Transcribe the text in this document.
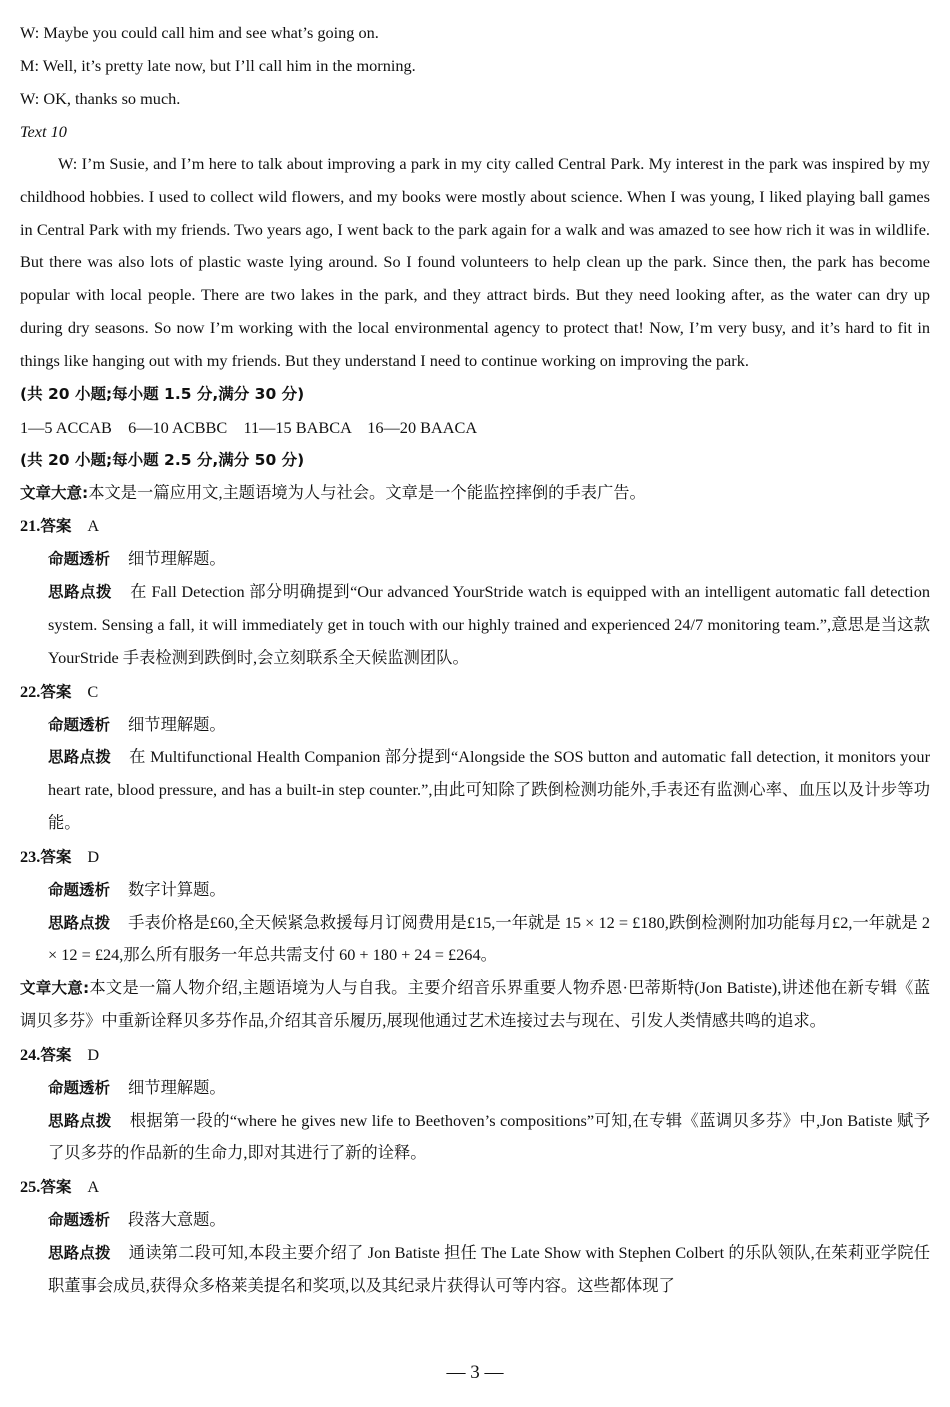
W: Maybe you could call him and see what’s going on.
M: Well, it’s pretty late now, but I’ll call him in the morning.
W: OK, thanks so much.
Text 10
W: I’m Susie, and I’m here to talk about improving a park in my city called Central Park. My interest in the park was inspired by my childhood hobbies. I used to collect wild flowers, and my books were mostly about science. When I was young, I liked playing ball games in Central Park with my friends. Two years ago, I went back to the park again for a walk and was amazed to see how rich it was in wildlife. But there was also lots of plastic waste lying around. So I found volunteers to help clean up the park. Since then, the park has become popular with local people. There are two lakes in the park, and they attract birds. But they need looking after, as the water can dry up during dry seasons. So now I’m working with the local environmental agency to protect that! Now, I’m very busy, and it’s hard to fit in things like hanging out with my friends. But they understand I need to continue working on improving the park.
(共 20 小题;每小题 1.5 分,满分 30 分)
1—5 ACCAB    6—10 ACBBC    11—15 BABCA    16—20 BAACA
(共 20 小题;每小题 2.5 分,满分 50 分)
文章大意:本文是一篇应用文,主题语境为人与社会。文章是一个能监控摔倒的手表广告。
21.答案 A
命题透析 细节理解题。
思路点拨 在 Fall Detection 部分明确提到“Our advanced YourStride watch is equipped with an intelligent automatic fall detection system. Sensing a fall, it will immediately get in touch with our highly trained and experienced 24/7 monitoring team.”,意思是当这款 YourStride 手表检测到跌倒时,会立刻联系全天候监测团队。
22.答案 C
命题透析 细节理解题。
思路点拨 在 Multifunctional Health Companion 部分提到“Alongside the SOS button and automatic fall detection, it monitors your heart rate, blood pressure, and has a built-in step counter.”,由此可知除了跌倒检测功能外,手表还有监测心率、血压以及计步等功能。
23.答案 D
命题透析 数字计算题。
思路点拨 手表价格是£60,全天候紧急救援每月订阅费用是£15,一年就是 15 × 12 = £180,跌倒检测附加功能每月£2,一年就是 2 × 12 = £24,那么所有服务一年总共需支付 60 + 180 + 24 = £264。
文章大意:本文是一篇人物介绍,主题语境为人与自我。主要介绍音乐界重要人物乔恩·巴蒂斯特(Jon Batiste),讲述他在新专辑《蓝调贝多芬》中重新诠释贝多芬作品,介绍其音乐履历,展现他通过艺术连接过去与现在、引发人类情感共鸣的追求。
24.答案 D
命题透析 细节理解题。
思路点拨 根据第一段的“where he gives new life to Beethoven’s compositions”可知,在专辑《蓝调贝多芬》中,Jon Batiste 赋予了贝多芬的作品新的生命力,即对其进行了新的诠释。
25.答案 A
命题透析 段落大意题。
思路点拨 通读第二段可知,本段主要介绍了 Jon Batiste 担任 The Late Show with Stephen Colbert 的乐队领队,在茱莉亚学院任职董事会成员,获得众多格莱美提名和奖项,以及其纪录片获得认可等内容。这些都体现了
— 3 —
